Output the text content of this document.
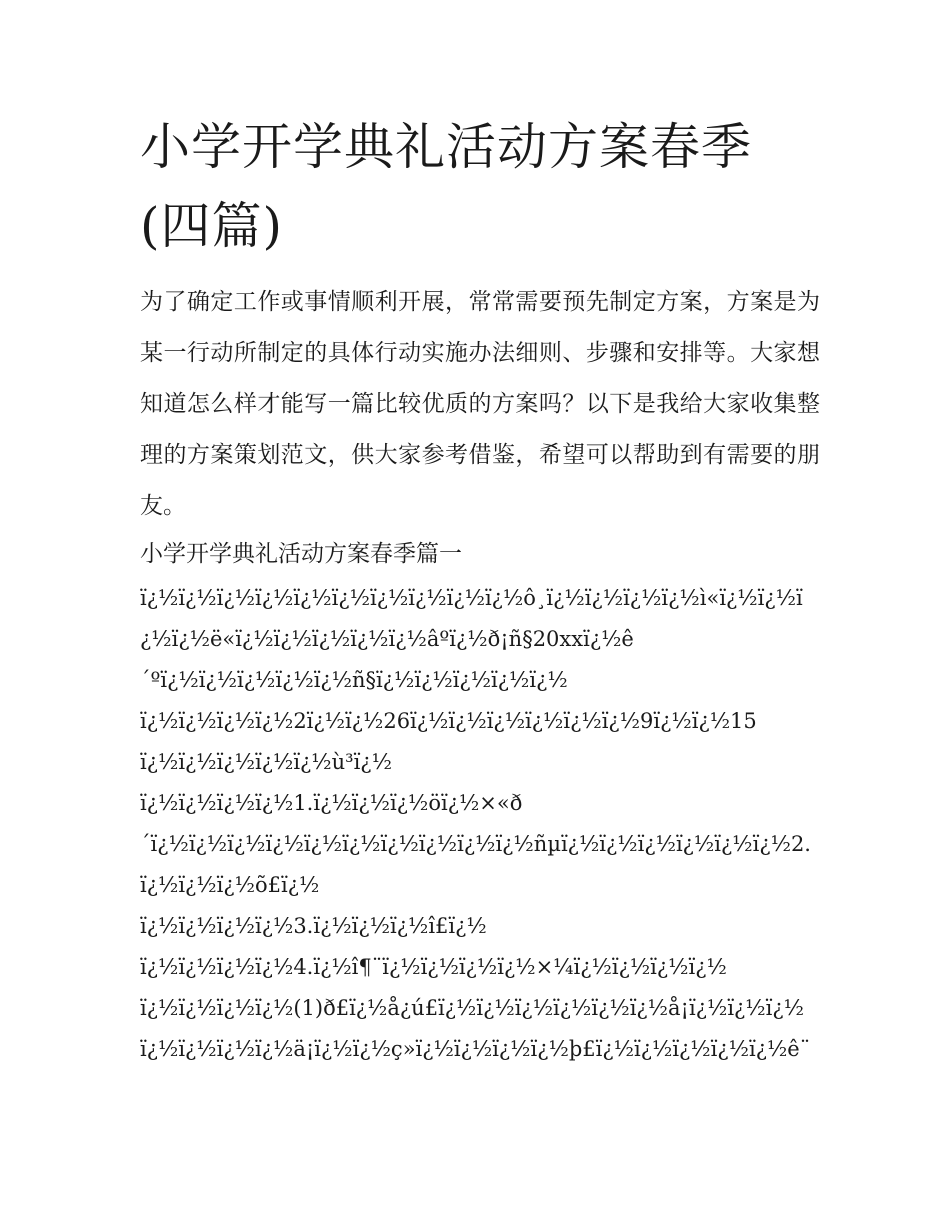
小学开学典礼活动方案春季(四篇)

为了确定工作或事情顺利开展，常常需要预先制定方案，方案是为某一行动所制定的具体行动实施办法细则、步骤和安排等。大家想知道怎么样才能写一篇比较优质的方案吗？以下是我给大家收集整理的方案策划范文，供大家参考借鉴，希望可以帮助到有需要的朋友。

小学开学典礼活动方案春季篇一
ï¿½ï¿½ï¿½ï¿½ï¿½ï¿½ï¿½ï¿½ï¿½ï¿½ô¸ï¿½ï¿½ï¿½ï¿½ì«ï¿½ï¿½ï
¿½ï¿½ë«ï¿½ï¿½ï¿½ï¿½ï¿½âºï¿½ð¡ñ§20xxï¿½ê
´ºï¿½ï¿½ï¿½ï¿½ï¿½ñ§ï¿½ï¿½ï¿½ï¿½ï¿½
ï¿½ï¿½ï¿½ï¿½2ï¿½ï¿½26ï¿½ï¿½ï¿½ï¿½ï¿½ï¿½9ï¿½ï¿½15
ï¿½ï¿½ï¿½ï¿½ï¿½ù³ï¿½
ï¿½ï¿½ï¿½ï¿½1.ï¿½ï¿½ï¿½öï¿½×«ð
´ï¿½ï¿½ï¿½ï¿½ï¿½ï¿½ï¿½ï¿½ï¿½ï¿½ñµï¿½ï¿½ï¿½ï¿½ï¿½ï¿½2.
ï¿½ï¿½ï¿½õ£ï¿½
ï¿½ï¿½ï¿½ï¿½3.ï¿½ï¿½ï¿½î£ï¿½
ï¿½ï¿½ï¿½ï¿½4.ï¿½î¶¨ï¿½ï¿½ï¿½ï¿½×¼ï¿½ï¿½ï¿½ï¿½
ï¿½ï¿½ï¿½ï¿½(1)ð£ï¿½å¿ú£ï¿½ï¿½ï¿½ï¿½ï¿½ï¿½å¡ï¿½ï¿½ï¿½
ï¿½ï¿½ï¿½ï¿½ä¡ï¿½ï¿½ç»ï¿½ï¿½ï¿½ï¿½þ£ï¿½ï¿½ï¿½ï¿½ï¿½ê¨
